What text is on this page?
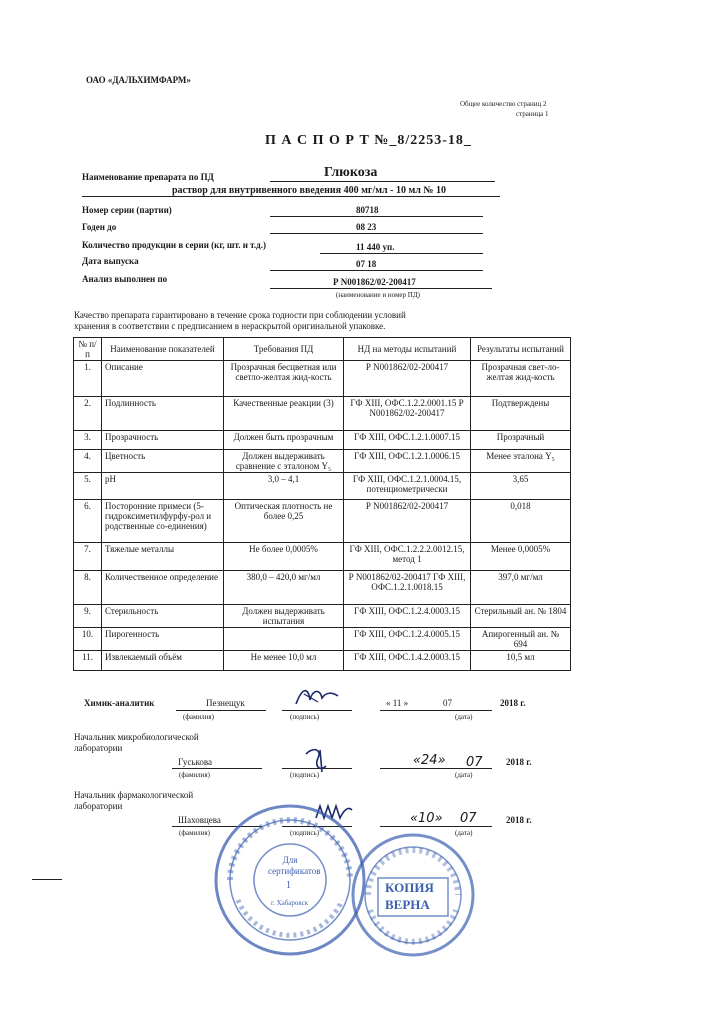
ОАО «ДАЛЬХИМФАРМ»
Общее количество страниц 2
страница 1
П А С П О Р Т №_8/2253-18_
Наименование препарата по ПД	Глюкоза
раствор для внутривенного введения 400 мг/мл - 10 мл № 10
Номер серии (партии)	80718
Годен до	08 23
Количество продукции в серии (кг, шт. и т.д.)	11 440 уп.
Дата выпуска	07 18
Анализ выполнен по	Р N001862/02-200417
(наименование и номер ПД)
Качество препарата гарантировано в течение срока годности при соблюдении условий
хранения в соответствии с предписанием в нераскрытой оригинальной упаковке.
№ п/п	Наименование показателей	Требования ПД	НД на методы испытаний	Результаты испытаний
1.	Описание	Прозрачная бесцветная или светло-желтая жид-кость	Р N001862/02-200417	Прозрачная свет-ло-желтая жид-кость
2.	Подлинность	Качественные реакции (3)	ГФ XIII, ОФС.1.2.2.0001.15 Р N001862/02-200417	Подтверждены
3.	Прозрачность	Должен быть прозрачным	ГФ XIII, ОФС.1.2.1.0007.15	Прозрачный
4.	Цветность	Должен выдерживать сравнение с эталоном Y₅	ГФ XIII, ОФС.1.2.1.0006.15	Менее эталона Y₅
5.	рН	3,0 – 4,1	ГФ XIII, ОФС.1.2.1.0004.15, потенциометрически	3,65
6.	Посторонние примеси (5-гидроксиметилфурфу-рол и родственные со-единения)	Оптическая плотность не более 0,25	Р N001862/02-200417	0,018
7.	Тяжелые металлы	Не более 0,0005%	ГФ XIII, ОФС.1.2.2.2.0012.15, метод 1	Менее 0,0005%
8.	Количественное определение	380,0 – 420,0 мг/мл	Р N001862/02-200417 ГФ XIII, ОФС.1.2.1.0018.15	397,0 мг/мл
9.	Стерильность	Должен выдерживать испытания	ГФ XIII, ОФС.1.2.4.0003.15	Стерильный ан. № 1804
10.	Пирогенность		ГФ XIII, ОФС.1.2.4.0005.15	Апирогенный ан. № 694
11.	Извлекаемый объём	Не менее 10,0 мл	ГФ XIII, ОФС.1.4.2.0003.15	10,5 мл
Химик-аналитик	Пезнещук	« 11 »	07	2018 г.
(фамилия)	(подпись)	(дата)
Начальник микробиологической лаборатории
Гуськова	«24» 07	2018 г.
(фамилия)	(подпись)	(дата)
Начальник фармакологической лаборатории
Шаховцева	«10» 07	2018 г.
(фамилия)	(подпись)	(дата)
Для сертификатов
1
г. Хабаровск
КОПИЯ
ВЕРНА
